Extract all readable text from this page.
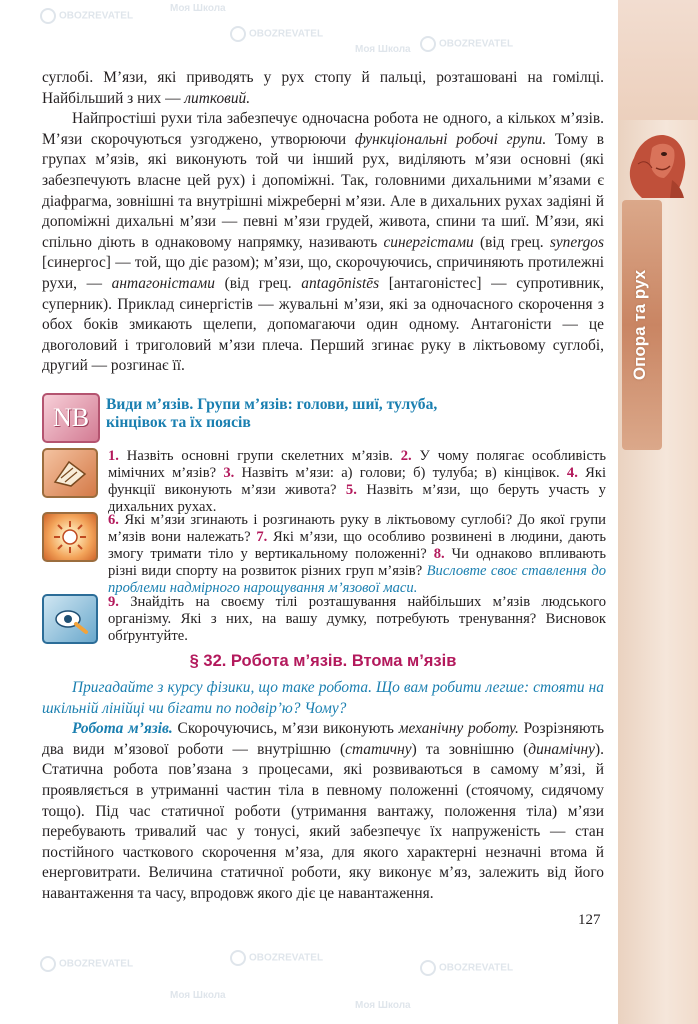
OBOZREVATEL
Моя Школа
OBOZREVATEL
OBOZREVATEL
Моя Школа
OBOZREVATEL
OBOZREVATEL
OBOZREVATEL
Моя Школа
Моя Школа
Опора та рух

суглобі. М’язи, які приводять у рух стопу й пальці, розташовані на гомілці. Найбільший з них — литковий.

Найпростіші рухи тіла забезпечує одночасна робота не одного, а кількох м’язів. М’язи скорочуються узгоджено, утворюючи функціональні робочі групи. Тому в групах м’язів, які виконують той чи інший рух, виділяють м’язи основні (які забезпечують власне цей рух) і допоміжні. Так, головними дихальними м’язами є діафрагма, зовнішні та внутрішні міжреберні м’язи. Але в дихальних рухах задіяні й допоміжні дихальні м’язи — певні м’язи грудей, живота, спини та шиї. М’язи, які спільно діють в однаковому напрямку, називають синергістами (від грец. synergos [синергос] — той, що діє разом); м’язи, що, скорочуючись, спричиняють протилежні рухи, — антагоністами (від грец. antagōnistēs [антагоністес] — супротивник, суперник). Приклад синергістів — жувальні м’язи, які за одночасного скорочення з обох боків змикають щелепи, допомагаючи один одному. Антагоністи — це двоголовий і триголовий м’язи плеча. Перший згинає руку в ліктьовому суглобі, другий — розгинає її.

NB Види м’язів. Групи м’язів: голови, шиї, тулуба, кінцівок та їх поясів
1. Назвіть основні групи скелетних м’язів. 2. У чому полягає особливість мімічних м’язів? 3. Назвіть м’язи: а) голови; б) тулуба; в) кінцівок. 4. Які функції виконують м’язи живота? 5. Назвіть м’язи, що беруть участь у дихальних рухах.
6. Які м’язи згинають і розгинають руку в ліктьовому суглобі? До якої групи м’язів вони належать? 7. Які м’язи, що особливо розвинені в людини, дають змогу тримати тіло у вертикальному положенні? 8. Чи однаково впливають різні види спорту на розвиток різних груп м’язів? Висловте своє ставлення до проблеми надмірного нарощування м’язової маси.
9. Знайдіть на своєму тілі розташування найбільших м’язів людського організму. Які з них, на вашу думку, потребують тренування? Висновок обґрунтуйте.
§ 32. Робота м’язів. Втома м’язів

Пригадайте з курсу фізики, що таке робота. Що вам робити легше: стояти на шкільній лінійці чи бігати по подвір’ю? Чому?

Робота м’язів. Скорочуючись, м’язи виконують механічну роботу. Розрізняють два види м’язової роботи — внутрішню (статичну) та зовнішню (динамічну). Статична робота пов’язана з процесами, які розвиваються в самому м’язі, й проявляється в утриманні частин тіла в певному положенні (стоячому, сидячому тощо). Під час статичної роботи (утримання вантажу, положення тіла) м’язи перебувають тривалий час у тонусі, який забезпечує їх напруженість — стан постійного часткового скорочення м’яза, для якого характерні незначні втома й енерговитрати. Величина статичної роботи, яку виконує м’яз, залежить від його навантаження та часу, впродовж якого діє це навантаження.

127
